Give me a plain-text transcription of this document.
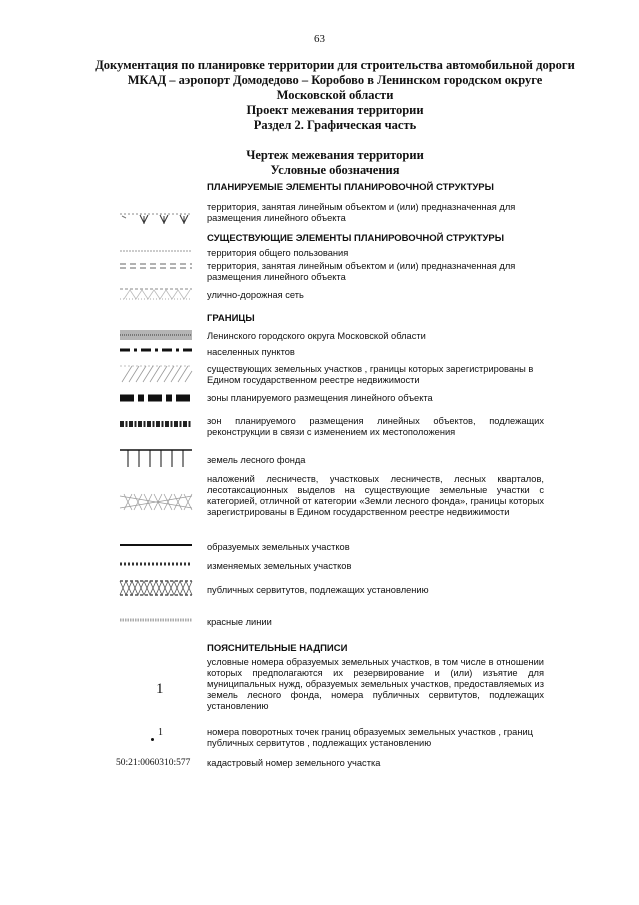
63
Документация по планировке территории для строительства автомобильной дороги
МКАД – аэропорт Домодедово – Коробово в Ленинском городском округе
Московской области
Проект межевания территории
Раздел 2. Графическая часть
Чертеж межевания территории
Условные обозначения
ПЛАНИРУЕМЫЕ ЭЛЕМЕНТЫ ПЛАНИРОВОЧНОЙ СТРУКТУРЫ
территория, занятая линейным объектом и (или) предназначенная для размещения линейного объекта
СУЩЕСТВУЮЩИЕ ЭЛЕМЕНТЫ ПЛАНИРОВОЧНОЙ СТРУКТУРЫ
территория общего пользования
территория, занятая линейным объектом и (или) предназначенная для размещения линейного объекта
улично-дорожная сеть
ГРАНИЦЫ
Ленинского городского округа Московской области
населенных пунктов
существующих земельных участков , границы которых зарегистрированы в Едином государственном реестре недвижимости
зоны планируемого размещения линейного объекта
зон планируемого размещения линейных объектов, подлежащих реконструкции в связи с изменением их местоположения
земель лесного фонда
наложений лесничеств, участковых лесничеств, лесных кварталов, лесотаксационных выделов на существующие земельные участки с категорией, отличной от категории «Земли лесного фонда», границы которых зарегистрированы в Едином государственном реестре недвижимости
образуемых земельных участков
изменяемых земельных участков
публичных сервитутов, подлежащих установлению
красные линии
ПОЯСНИТЕЛЬНЫЕ НАДПИСИ
1
условные номера образуемых земельных участков, в том числе в отношении которых предполагаются их резервирование и (или) изъятие для муниципальных нужд, образуемых земельных участков, предоставляемых из земель лесного фонда, номера публичных сервитутов, подлежащих установлению
1	номера поворотных точек границ образуемых земельных участков , границ публичных сервитутов , подлежащих установлению
50:21:0060310:577 кадастровый номер земельного участка
